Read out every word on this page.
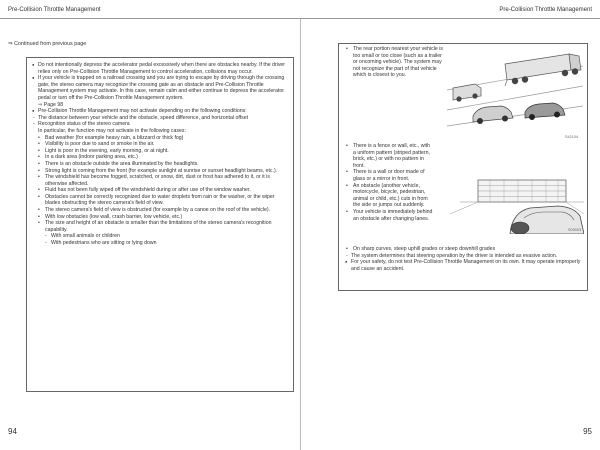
Pre-Collision Throttle Management	Pre-Collision Throttle Management
⇒ Continued from previous page
● Do not intentionally depress the accelerator pedal excessively when there are obstacles nearby. If the driver relies only on Pre-Collision Throttle Management to control acceleration, collisions may occur.
● If your vehicle is trapped on a railroad crossing and you are trying to escape by driving through the crossing gate, the stereo camera may recognize the crossing gate as an obstacle and Pre-Collision Throttle Management system may activate. In this case, remain calm and either continue to depress the accelerator pedal or turn off the Pre-Collision Throttle Management system.
⇒ Page 98
● Pre-Collision Throttle Management may not activate depending on the following conditions:
- The distance between your vehicle and the obstacle, speed difference, and horizontal offset
- Recognition status of the stereo camera
In particular, the function may not activate in the following cases:
• Bad weather (for example heavy rain, a blizzard or thick fog)
• Visibility is poor due to sand or smoke in the air.
• Light is poor in the evening, early morning, or at night.
• In a dark area (indoor parking area, etc.)
• There is an obstacle outside the area illuminated by the headlights.
• Strong light is coming from the front (for example sunlight at sunrise or sunset headlight beams, etc.).
• The windshield has become fogged, scratched, or snow, dirt, dust or frost has adhered to it, or it is otherwise affected.
• Fluid has not been fully wiped off the windshield during or after use of the window washer.
• Obstacles cannot be correctly recognized due to water droplets from rain or the washer, or the wiper blades obstructing the stereo camera's field of view.
• The stereo camera's field of view is obstructed (for example by a canoe on the roof of the vehicle).
• With low obstacles (low wall, crash barrier, low vehicle, etc.)
• The size and height of an obstacle is smaller than the limitations of the stereo camera's recognition capability.
- With small animals or children
- With pedestrians who are sitting or lying down
94
• The rear portion nearest your vehicle is too small or too close (such as a trailer or oncoming vehicle). The system may not recognize the part of that vehicle which is closest to you.
S42104
• There is a fence or wall, etc., with a uniform pattern (striped pattern, brick, etc.) or with no pattern in front.
• There is a wall or door made of glass or a mirror in front.
• An obstacle (another vehicle, motorcycle, bicycle, pedestrian, animal or child, etc.) cuts in from the side or jumps out suddenly.
• Your vehicle is immediately behind an obstacle after changing lanes.
S09003
• On sharp curves, steep uphill grades or steep downhill grades
- The system determines that steering operation by the driver is intended as evasive action.
● For your safety, do not test Pre-Collision Throttle Management on its own. It may operate improperly and cause an accident.
95
